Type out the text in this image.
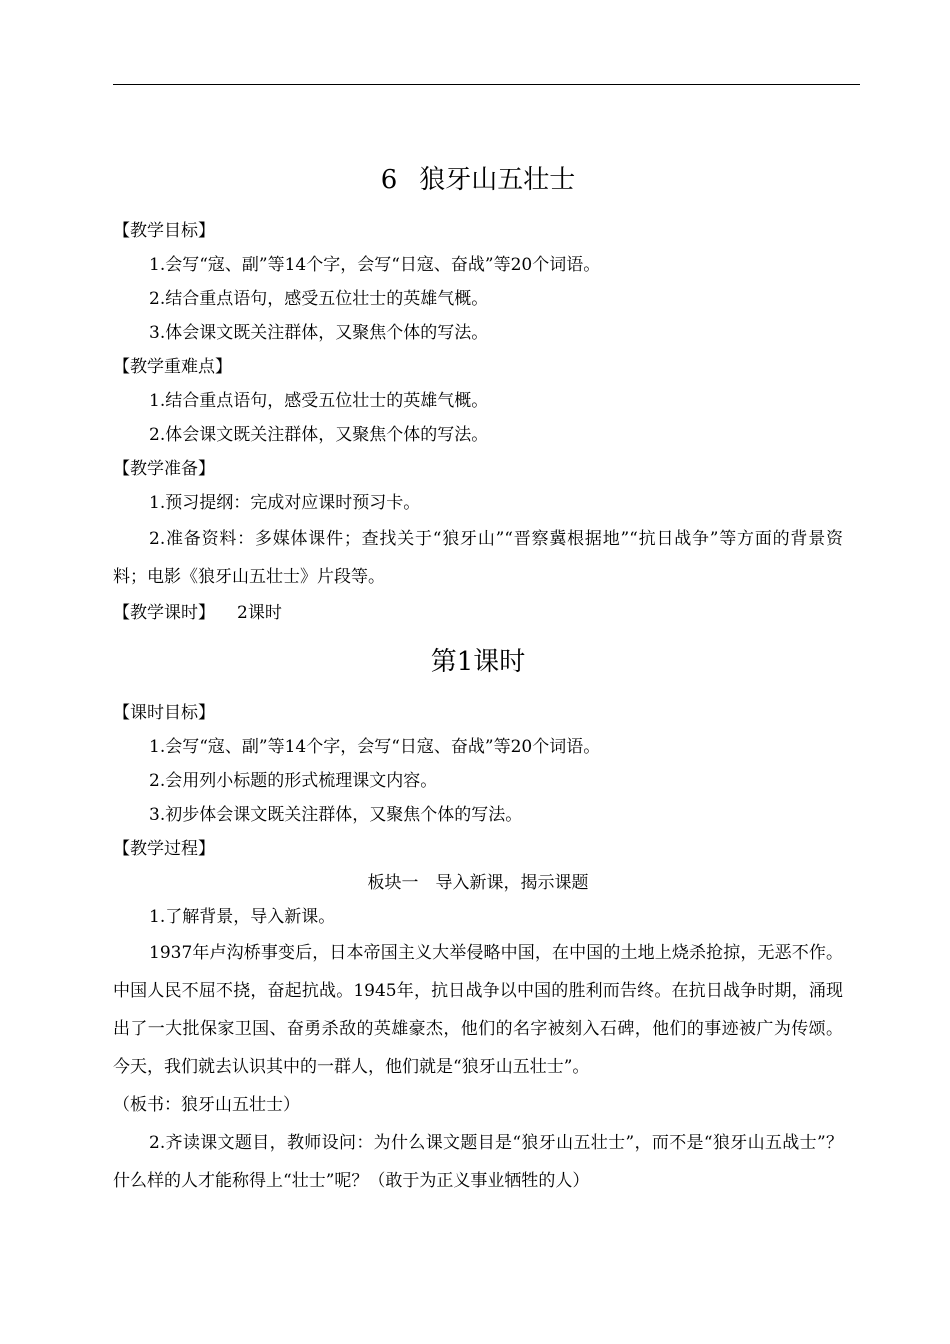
6 狼牙山五壮士
【教学目标】
1.会写“寇、副”等14个字，会写“日寇、奋战”等20个词语。
2.结合重点语句，感受五位壮士的英雄气概。
3.体会课文既关注群体，又聚焦个体的写法。
【教学重难点】
1.结合重点语句，感受五位壮士的英雄气概。
2.体会课文既关注群体，又聚焦个体的写法。
【教学准备】
1.预习提纲：完成对应课时预习卡。
2.准备资料：多媒体课件；查找关于“狼牙山”“晋察冀根据地”“抗日战争”等方面的背景资料；电影《狼牙山五壮士》片段等。
【教学课时】 2课时
第1课时
【课时目标】
1.会写“寇、副”等14个字，会写“日寇、奋战”等20个词语。
2.会用列小标题的形式梳理课文内容。
3.初步体会课文既关注群体，又聚焦个体的写法。
【教学过程】
板块一　导入新课，揭示课题
1.了解背景，导入新课。
1937年卢沟桥事变后，日本帝国主义大举侵略中国，在中国的土地上烧杀抢掠，无恶不作。中国人民不屈不挠，奋起抗战。1945年，抗日战争以中国的胜利而告终。在抗日战争时期，涌现出了一大批保家卫国、奋勇杀敌的英雄豪杰，他们的名字被刻入石碑，他们的事迹被广为传颂。今天，我们就去认识其中的一群人，他们就是“狼牙山五壮士”。
（板书：狼牙山五壮士）
2.齐读课文题目，教师设问：为什么课文题目是“狼牙山五壮士”，而不是“狼牙山五战士”？什么样的人才能称得上“壮士”呢？（敢于为正义事业牺牲的人）
